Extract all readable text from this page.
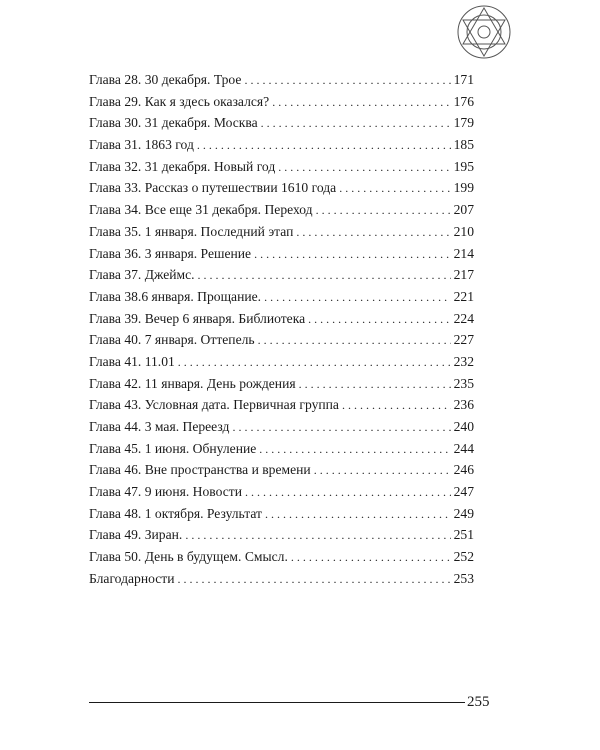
Глава 28. 30 декабря. Трое . . .	171
Глава 29. Как я здесь оказался? . . .	176
Глава 30. 31 декабря. Москва . . .	179
Глава 31. 1863 год . . .	185
Глава 32. 31 декабря. Новый год . . .	195
Глава 33. Рассказ о путешествии 1610 года . . .	199
Глава 34. Все еще 31 декабря. Переход . . .	207
Глава 35. 1 января. Последний этап . . .	210
Глава 36. 3 января. Решение . . .	214
Глава 37. Джеймс. . . .	217
Глава 38.6 января. Прощание. . . .	221
Глава 39. Вечер 6 января. Библиотека . . .	224
Глава 40. 7 января. Оттепель . . .	227
Глава 41. 11.01 . . .	232
Глава 42. 11 января. День рождения . . .	235
Глава 43. Условная дата. Первичная группа . . .	236
Глава 44. 3 мая. Переезд . . .	240
Глава 45. 1 июня. Обнуление . . .	244
Глава 46. Вне пространства и времени . . .	246
Глава 47. 9 июня. Новости . . .	247
Глава 48. 1 октября. Результат . . .	249
Глава 49. Зиран. . . .	251
Глава 50. День в будущем. Смысл. . . .	252
Благодарности . . .	253
255
